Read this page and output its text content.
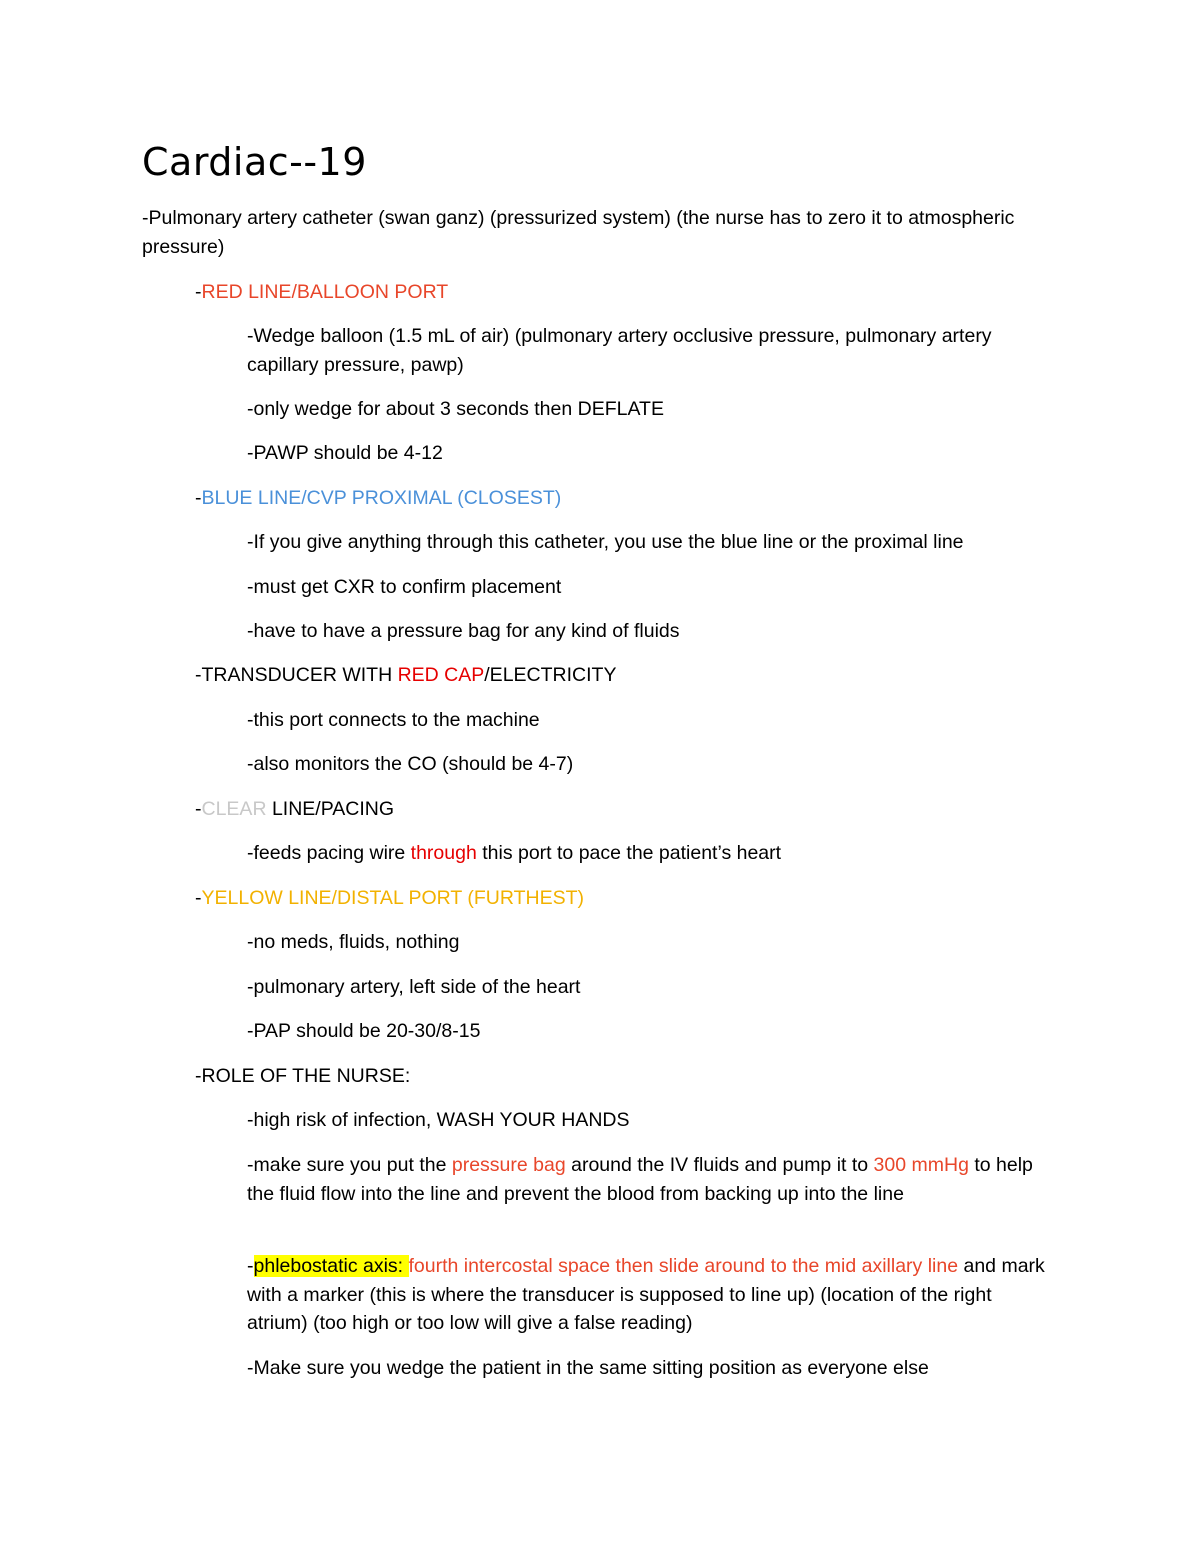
Cardiac--19
-Pulmonary artery catheter (swan ganz) (pressurized system) (the nurse has to zero it to atmospheric pressure)
-RED LINE/BALLOON PORT
-Wedge balloon (1.5 mL of air) (pulmonary artery occlusive pressure, pulmonary artery capillary pressure, pawp)
-only wedge for about 3 seconds then DEFLATE
-PAWP should be 4-12
-BLUE LINE/CVP PROXIMAL (CLOSEST)
-If you give anything through this catheter, you use the blue line or the proximal line
-must get CXR to confirm placement
-have to have a pressure bag for any kind of fluids
-TRANSDUCER WITH RED CAP/ELECTRICITY
-this port connects to the machine
-also monitors the CO (should be 4-7)
-CLEAR LINE/PACING
-feeds pacing wire through this port to pace the patient’s heart
-YELLOW LINE/DISTAL PORT (FURTHEST)
-no meds, fluids, nothing
-pulmonary artery, left side of the heart
-PAP should be 20-30/8-15
-ROLE OF THE NURSE:
-high risk of infection, WASH YOUR HANDS
-make sure you put the pressure bag around the IV fluids and pump it to 300 mmHg to help the fluid flow into the line and prevent the blood from backing up into the line
-phlebostatic axis: fourth intercostal space then slide around to the mid axillary line and mark with a marker (this is where the transducer is supposed to line up) (location of the right atrium) (too high or too low will give a false reading)
-Make sure you wedge the patient in the same sitting position as everyone else
